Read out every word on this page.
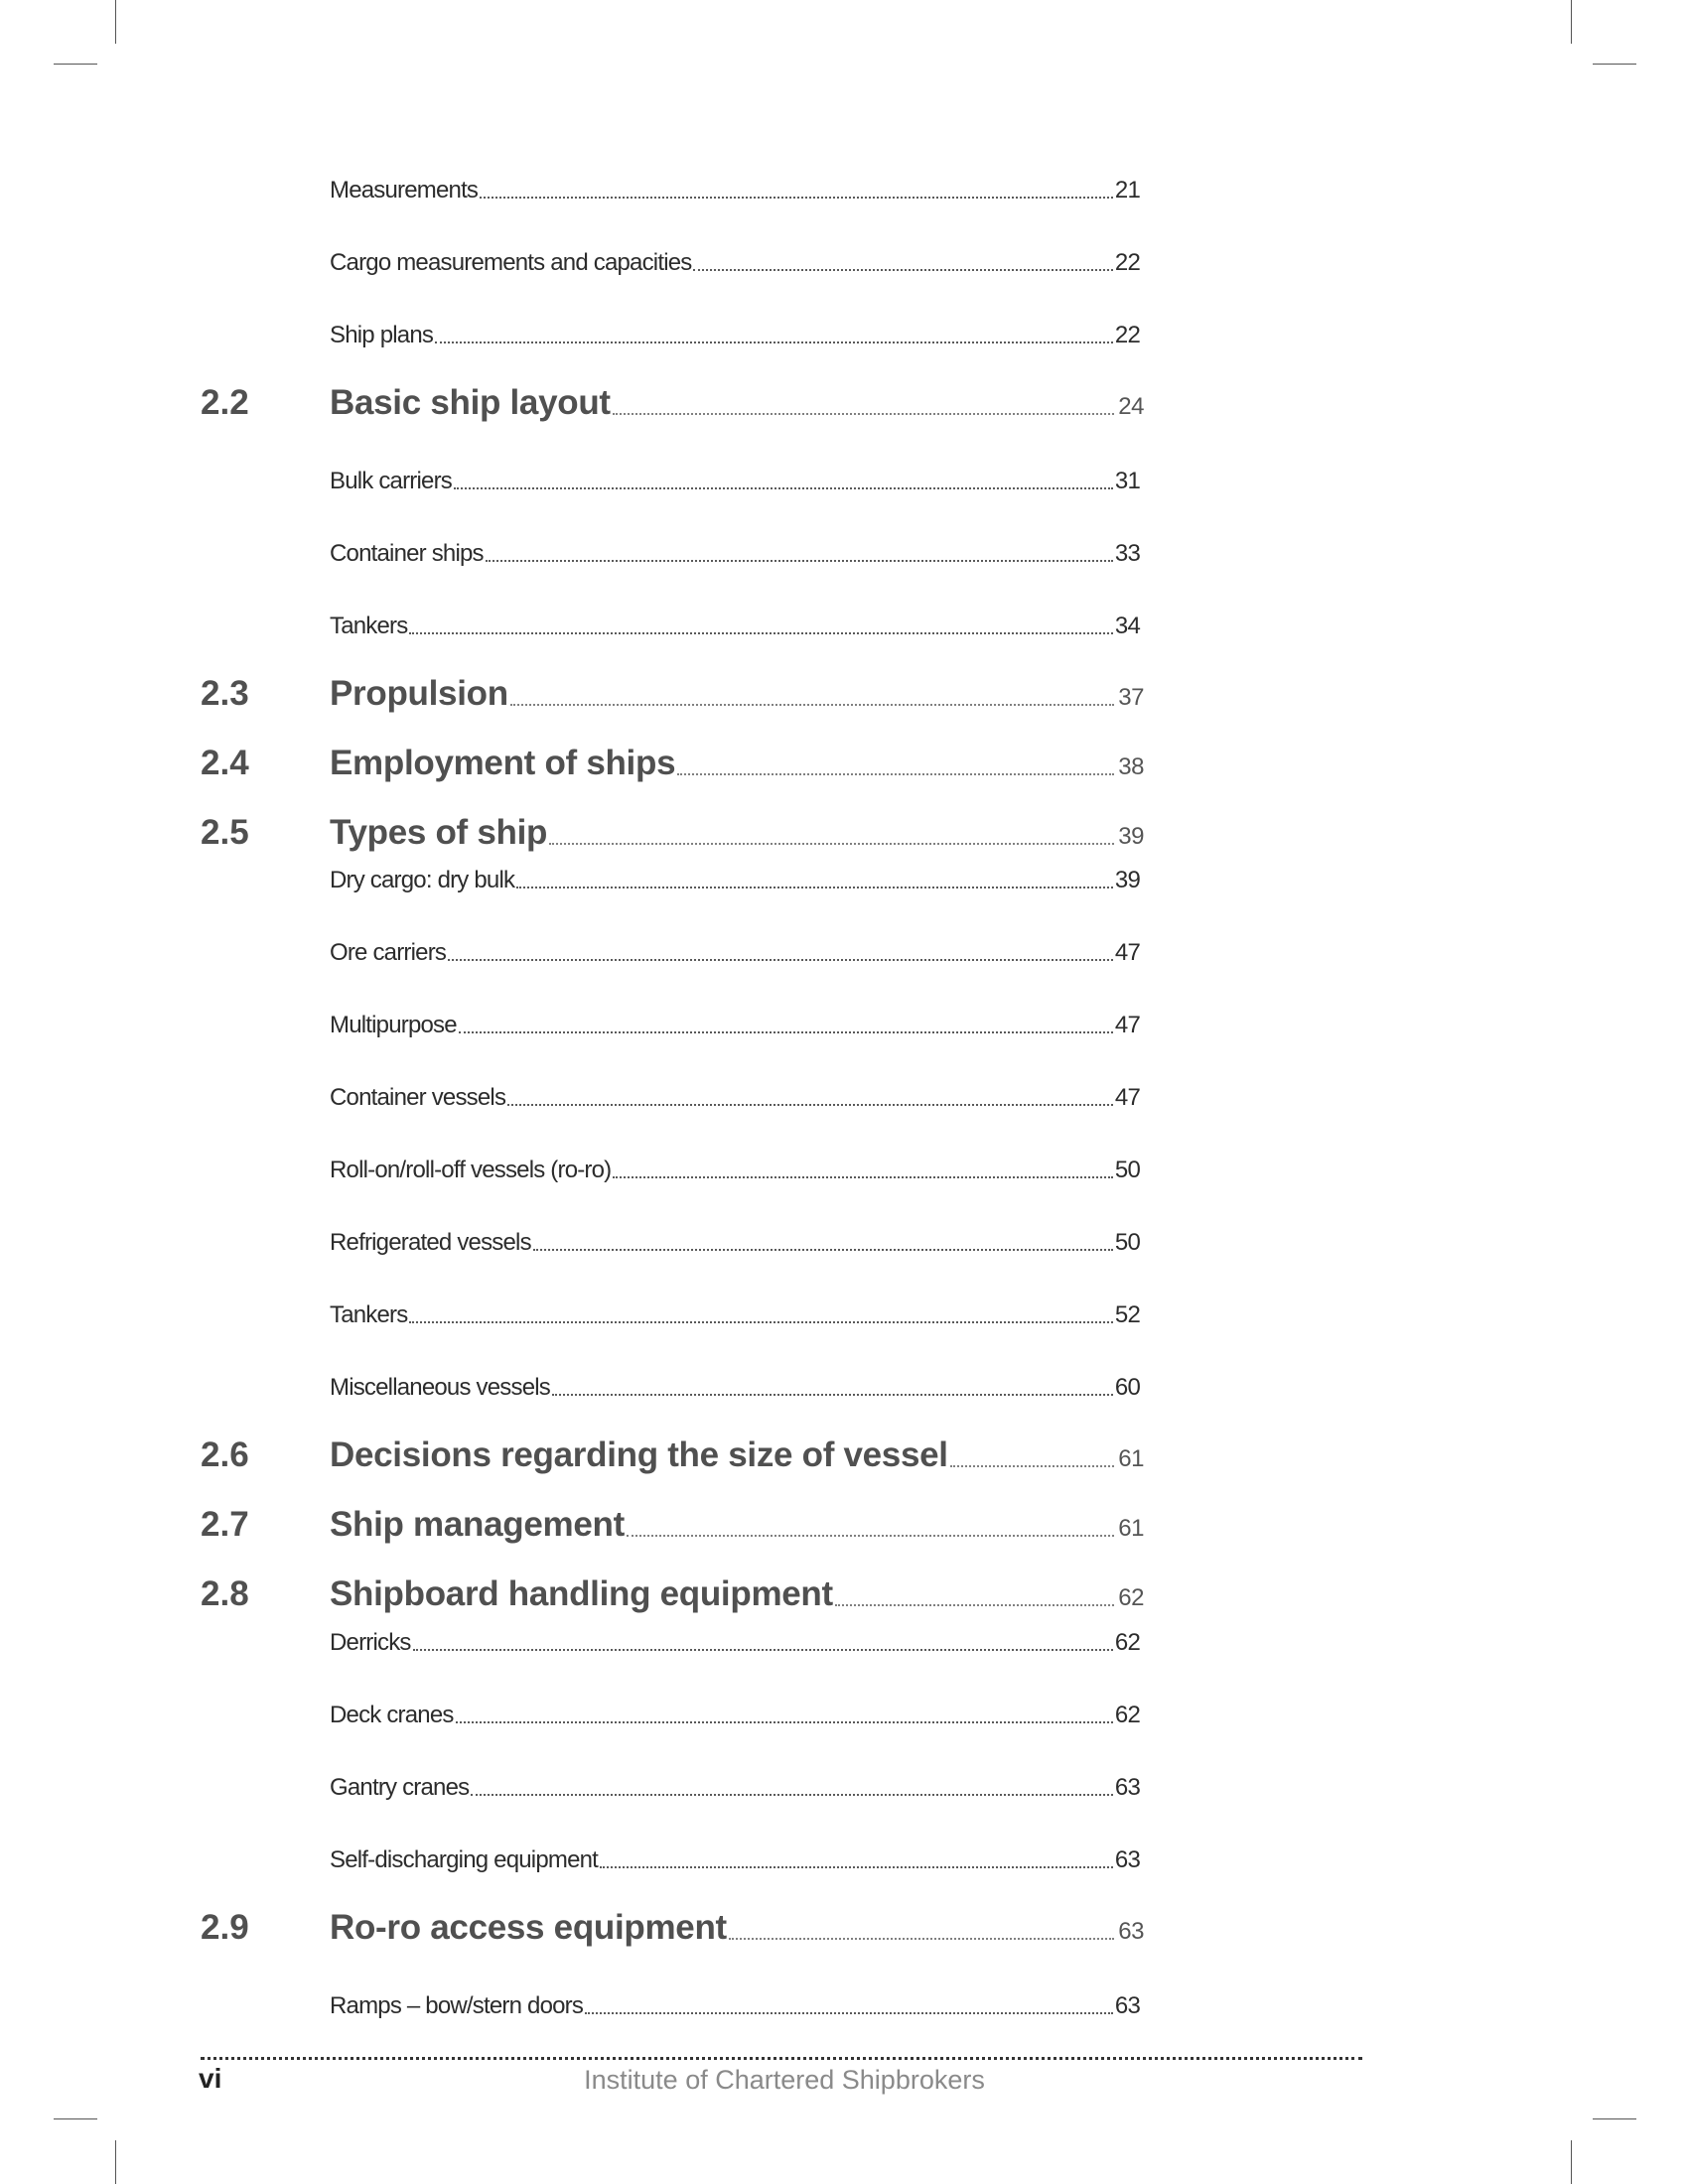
Measurements	21
Cargo measurements and capacities	22
Ship plans	22
2.2 Basic ship layout	24
Bulk carriers	31
Container ships	33
Tankers	34
2.3 Propulsion	37
2.4 Employment of ships	38
2.5 Types of ship	39
Dry cargo: dry bulk	39
Ore carriers	47
Multipurpose	47
Container vessels	47
Roll-on/roll-off vessels (ro-ro)	50
Refrigerated vessels	50
Tankers	52
Miscellaneous vessels	60
2.6 Decisions regarding the size of vessel	61
2.7 Ship management	61
2.8 Shipboard handling equipment	62
Derricks	62
Deck cranes	62
Gantry cranes	63
Self-discharging equipment	63
2.9 Ro-ro access equipment	63
Ramps – bow/stern doors	63
vi	Institute of Chartered Shipbrokers
